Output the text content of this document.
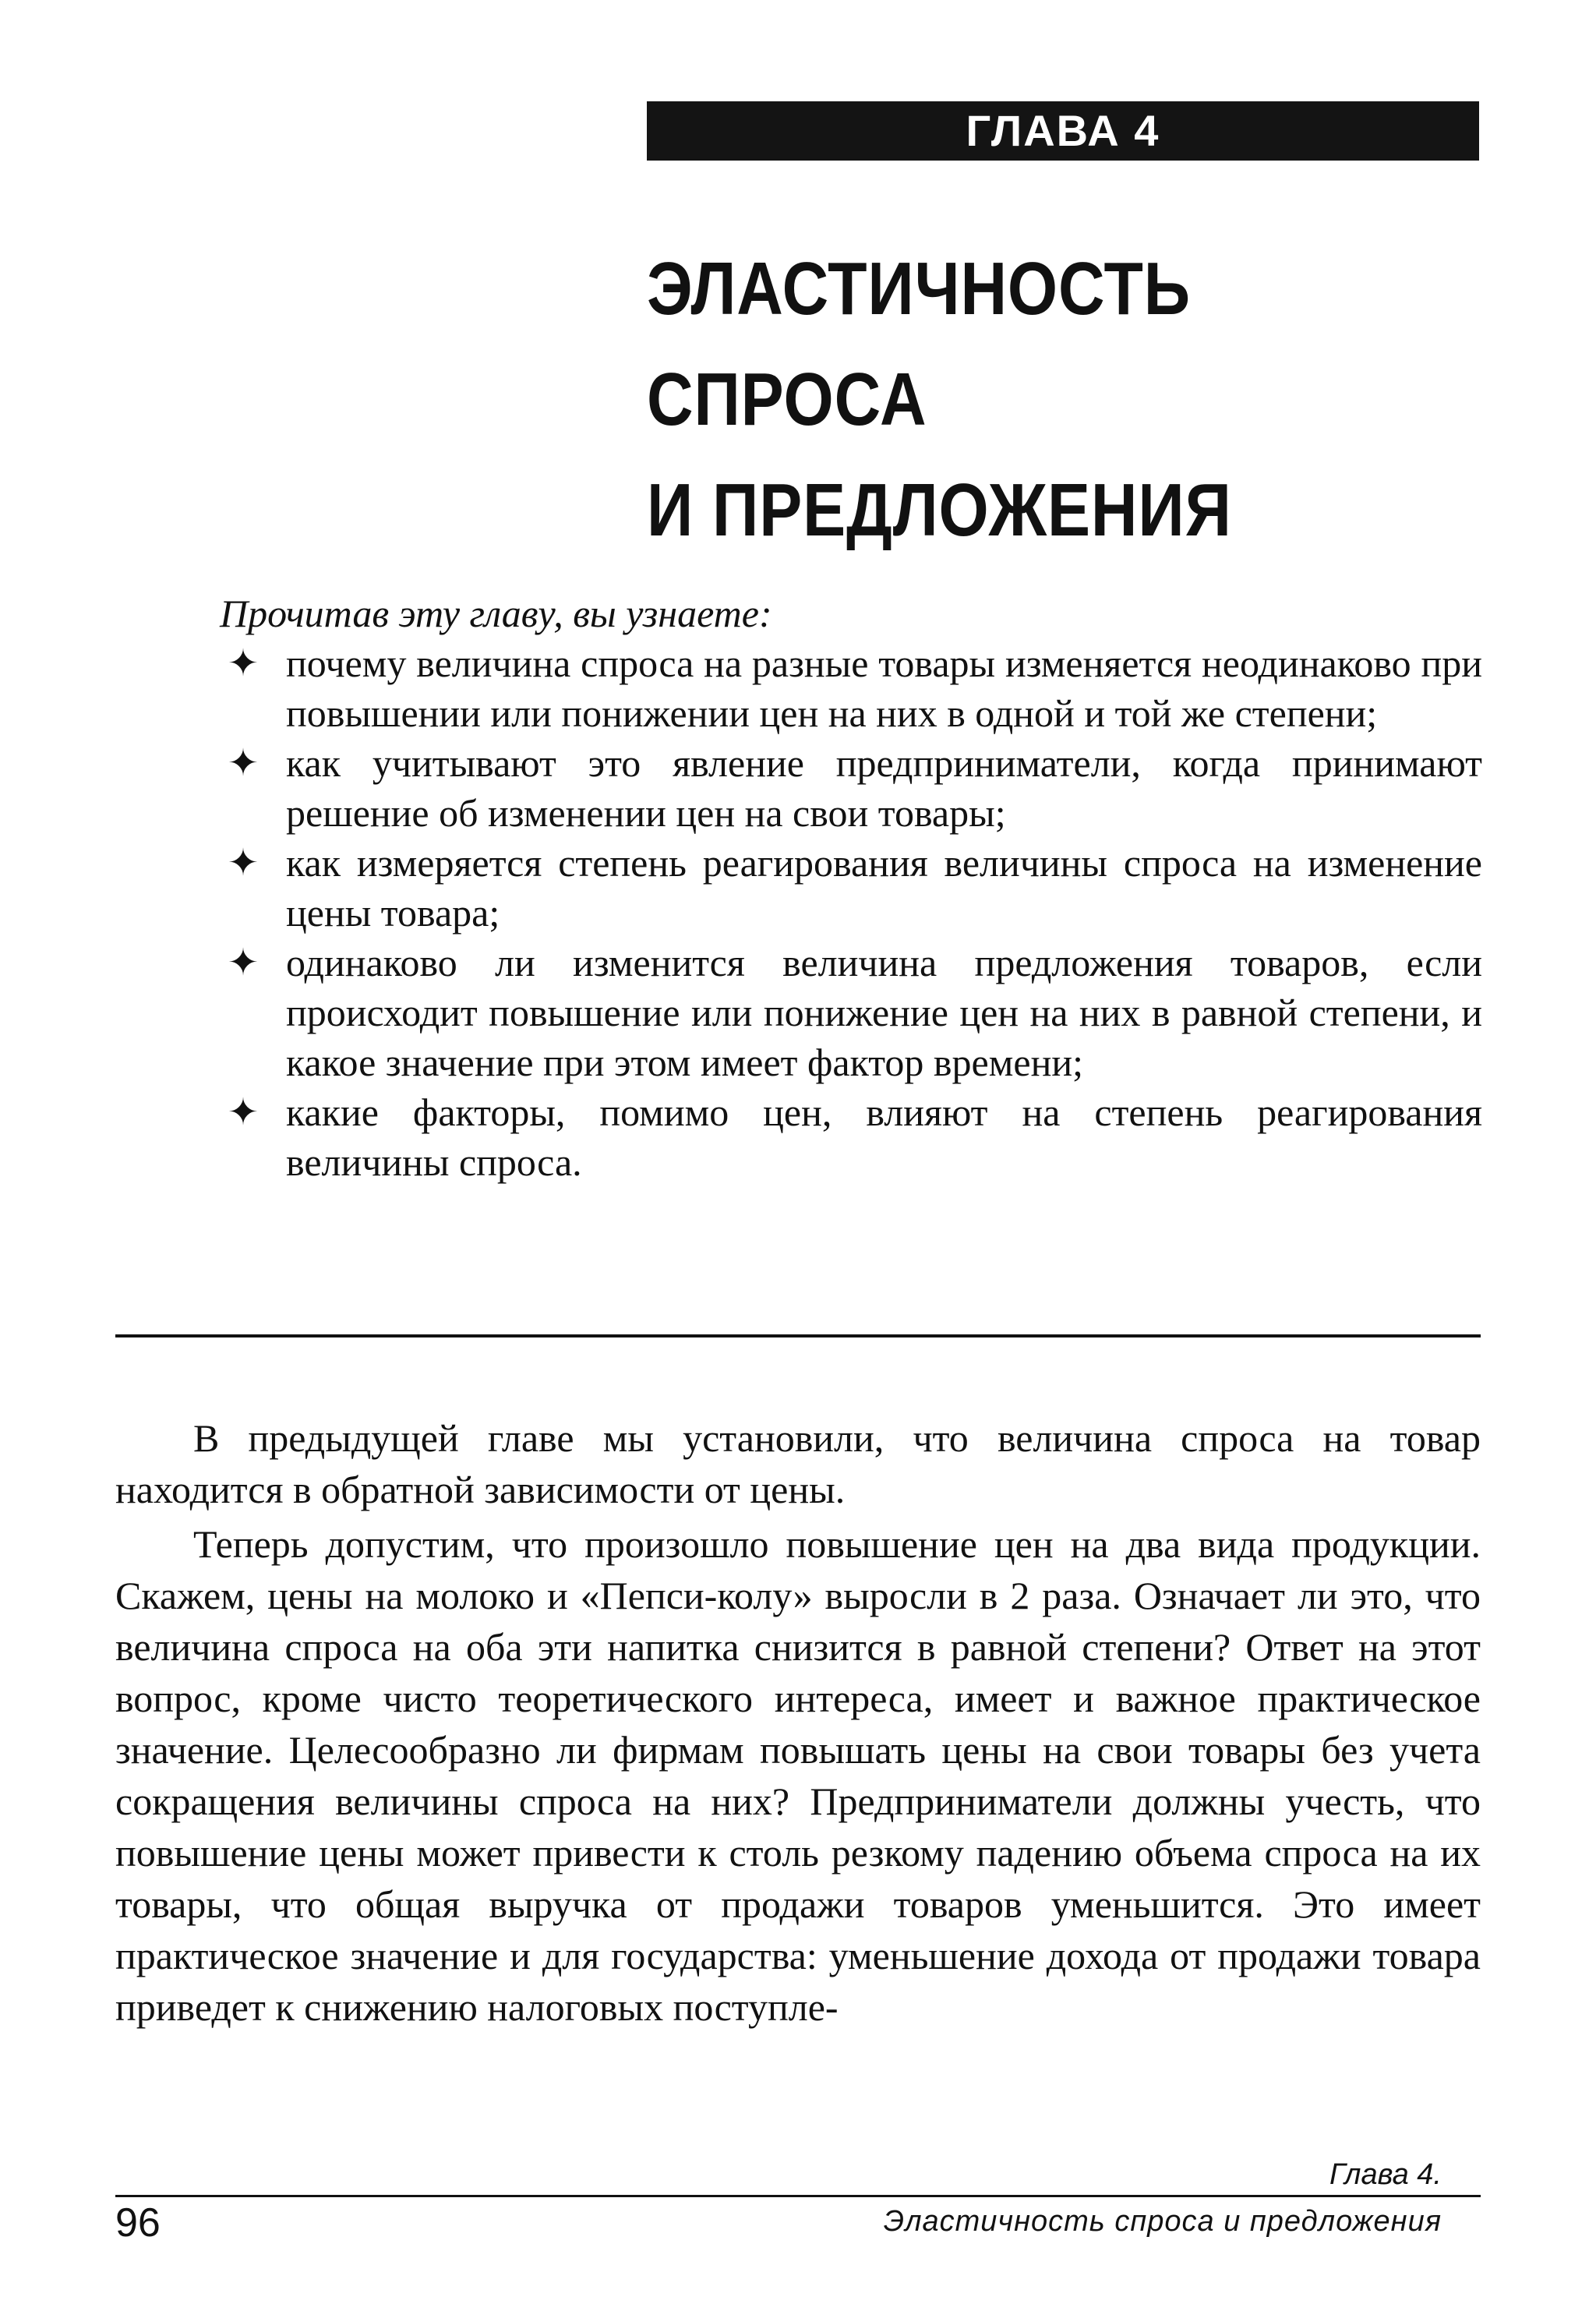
ГЛАВА 4
ЭЛАСТИЧНОСТЬ СПРОСА
И ПРЕДЛОЖЕНИЯ

Прочитав эту главу, вы узнаете:

✦ почему величина спроса на разные товары изменяется неодинаково при повышении или понижении цен на них в одной и той же степени;
✦ как учитывают это явление предприниматели, когда принимают решение об изменении цен на свои товары;
✦ как измеряется степень реагирования величины спроса на изменение цены товара;
✦ одинаково ли изменится величина предложения товаров, если происходит повышение или понижение цен на них в равной степени, и какое значение при этом имеет фактор времени;
✦ какие факторы, помимо цен, влияют на степень реагирования величины спроса.

В предыдущей главе мы установили, что величина спроса на товар находится в обратной зависимости от цены.

Теперь допустим, что произошло повышение цен на два вида продукции. Скажем, цены на молоко и «Пепси-колу» выросли в 2 раза. Означает ли это, что величина спроса на оба эти напитка снизится в равной степени? Ответ на этот вопрос, кроме чисто теоретического интереса, имеет и важное практическое значение. Целесообразно ли фирмам повышать цены на свои товары без учета сокращения величины спроса на них? Предприниматели должны учесть, что повышение цены может привести к столь резкому падению объема спроса на их товары, что общая выручка от продажи товаров уменьшится. Это имеет практическое значение и для государства: уменьшение дохода от продажи товара приведет к снижению налоговых поступле-

Глава 4.
96	Эластичность спроса и предложения
